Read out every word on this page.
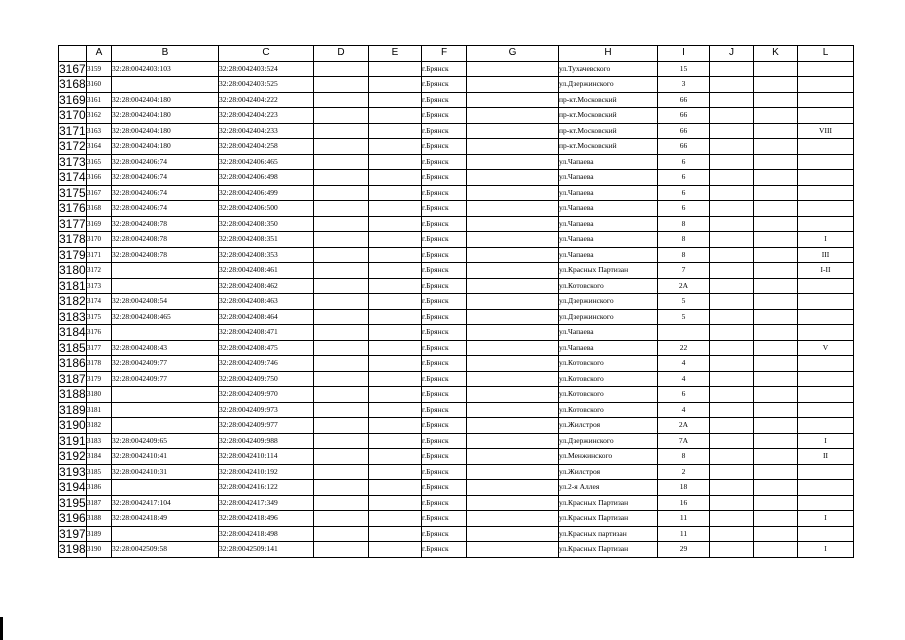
	A	B	C	D	E	F	G	H	I	J	K	L
3167	3159	32:28:0042403:103	32:28:0042403:524			г.Брянск		ул.Тухачевского	15			
3168	3160		32:28:0042403:525			г.Брянск		ул.Дзержинского	3			
3169	3161	32:28:0042404:180	32:28:0042404:222			г.Брянск		пр-кт.Московский	66			
3170	3162	32:28:0042404:180	32:28:0042404:223			г.Брянск		пр-кт.Московский	66			
3171	3163	32:28:0042404:180	32:28:0042404:233			г.Брянск		пр-кт.Московский	66			VIII
3172	3164	32:28:0042404:180	32:28:0042404:258			г.Брянск		пр-кт.Московский	66			
3173	3165	32:28:0042406:74	32:28:0042406:465			г.Брянск		ул.Чапаева	6			
3174	3166	32:28:0042406:74	32:28:0042406:498			г.Брянск		ул.Чапаева	6			
3175	3167	32:28:0042406:74	32:28:0042406:499			г.Брянск		ул.Чапаева	6			
3176	3168	32:28:0042406:74	32:28:0042406:500			г.Брянск		ул.Чапаева	6			
3177	3169	32:28:0042408:78	32:28:0042408:350			г.Брянск		ул.Чапаева	8			
3178	3170	32:28:0042408:78	32:28:0042408:351			г.Брянск		ул.Чапаева	8			I
3179	3171	32:28:0042408:78	32:28:0042408:353			г.Брянск		ул.Чапаева	8			III
3180	3172		32:28:0042408:461			г.Брянск		ул.Красных Партизан	7			I-II
3181	3173		32:28:0042408:462			г.Брянск		ул.Котовского	2А			
3182	3174	32:28:0042408:54	32:28:0042408:463			г.Брянск		ул.Дзержинского	5			
3183	3175	32:28:0042408:465	32:28:0042408:464			г.Брянск		ул.Дзержинского	5			
3184	3176		32:28:0042408:471			г.Брянск		ул.Чапаева				
3185	3177	32:28:0042408:43	32:28:0042408:475			г.Брянск		ул.Чапаева	22			V
3186	3178	32:28:0042409:77	32:28:0042409:746			г.Брянск		ул.Котовского	4			
3187	3179	32:28:0042409:77	32:28:0042409:750			г.Брянск		ул.Котовского	4			
3188	3180		32:28:0042409:970			г.Брянск		ул.Котовского	6			
3189	3181		32:28:0042409:973			г.Брянск		ул.Котовского	4			
3190	3182		32:28:0042409:977			г.Брянск		ул.Жилстроя	2А			
3191	3183	32:28:0042409:65	32:28:0042409:988			г.Брянск		ул.Дзержинского	7А			I
3192	3184	32:28:0042410:41	32:28:0042410:114			г.Брянск		ул.Менжинского	8			II
3193	3185	32:28:0042410:31	32:28:0042410:192			г.Брянск		ул.Жилстроя	2			
3194	3186		32:28:0042416:122			г.Брянск		ул.2-я Аллея	18			
3195	3187	32:28:0042417:104	32:28:0042417:349			г.Брянск		ул.Красных Партизан	16			
3196	3188	32:28:0042418:49	32:28:0042418:496			г.Брянск		ул.Красных Партизан	11			I
3197	3189		32:28:0042418:498			г.Брянск		ул.Красных партизан	11			
3198	3190	32:28:0042509:58	32:28:0042509:141			г.Брянск		ул.Красных Партизан	29			I
